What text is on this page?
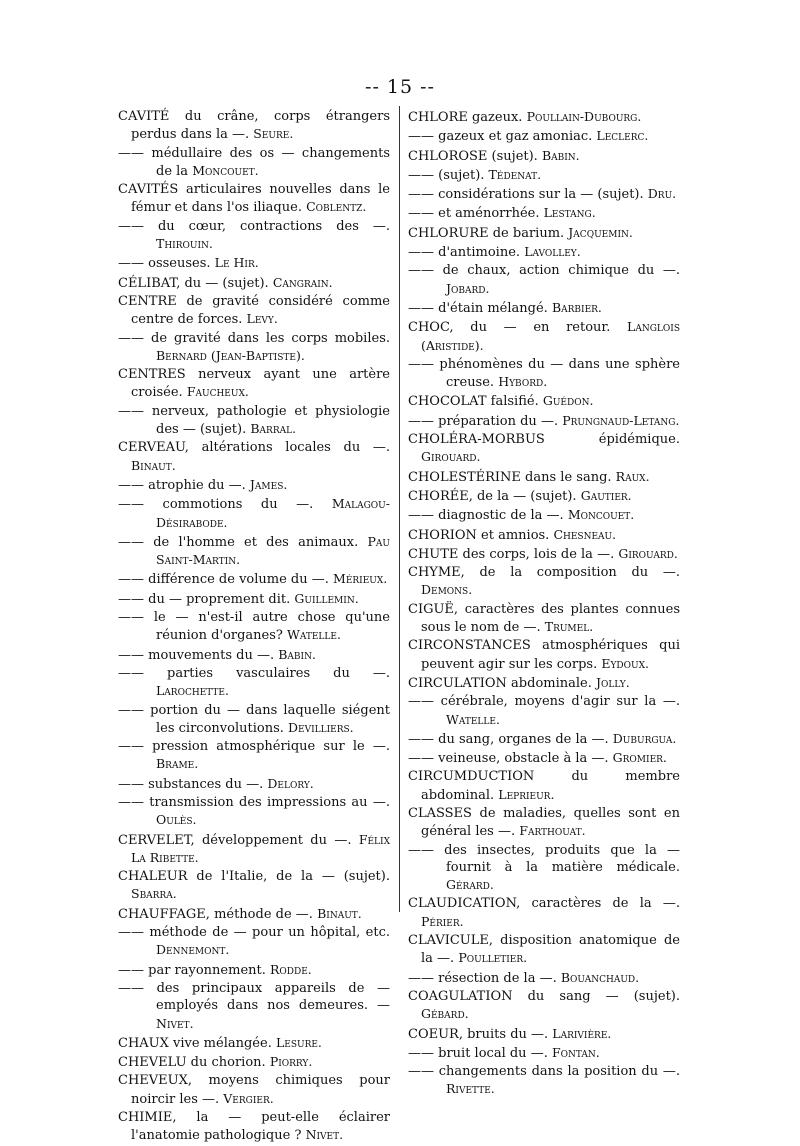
-- 15 --

CAVITÉ du crâne, corps étrangers perdus dans la —. Seure.

—— médullaire des os — changements de la Moncouet.

CAVITÉS articulaires nouvelles dans le fémur et dans l'os iliaque. Coblentz.

—— du cœur, contractions des —. Thirouin.

—— osseuses. Le Hir.

CÉLIBAT, du — (sujet). Cangrain.

CENTRE de gravité considéré comme centre de forces. Levy.

—— de gravité dans les corps mobiles. Bernard (Jean-Baptiste).

CENTRES nerveux ayant une artère croisée. Faucheux.

—— nerveux, pathologie et physiologie des — (sujet). Barral.

CERVEAU, altérations locales du —. Binaut.

—— atrophie du —. James.

—— commotions du —. Malagou-Désirabode.

—— de l'homme et des animaux. Pau Saint-Martin.

—— différence de volume du —. Mérieux.

—— du — proprement dit. Guillemin.

—— le — n'est-il autre chose qu'une réunion d'organes? Watelle.

—— mouvements du —. Babin.

—— parties vasculaires du —. Larochette.

—— portion du — dans laquelle siégent les circonvolutions. Devilliers.

—— pression atmosphérique sur le —. Brame.

—— substances du —. Delory.

—— transmission des impressions au —. Oulès.

CERVELET, développement du —. Félix La Ribette.

CHALEUR de l'Italie, de la — (sujet). Sbarra.

CHAUFFAGE, méthode de —. Binaut.

—— méthode de — pour un hôpital, etc. Dennemont.

—— par rayonnement. Rodde.

—— des principaux appareils de — employés dans nos demeures. — Nivet.

CHAUX vive mélangée. Lesure.

CHEVELU du chorion. Piorry.

CHEVEUX, moyens chimiques pour noircir les —. Vergier.

CHIMIE, la — peut-elle éclairer l'anatomie pathologique ? Nivet.

CHLORE gazeux. Poullain-Dubourg.

—— gazeux et gaz amoniac. Leclerc.

CHLOROSE (sujet). Babin.

—— (sujet). Tédenat.

—— considérations sur la — (sujet). Dru.

—— et aménorrhée. Lestang.

CHLORURE de barium. Jacquemin.

—— d'antimoine. Lavolley.

—— de chaux, action chimique du —. Jobard.

—— d'étain mélangé. Barbier.

CHOC, du — en retour. Langlois (Aristide).

—— phénomènes du — dans une sphère creuse. Hybord.

CHOCOLAT falsifié. Guédon.

—— préparation du —. Prungnaud-Letang.

CHOLÉRA-MORBUS épidémique. Girouard.

CHOLESTÉRINE dans le sang. Raux.

CHORÉE, de la — (sujet). Gautier.

—— diagnostic de la —. Moncouet.

CHORION et amnios. Chesneau.

CHUTE des corps, lois de la —. Girouard.

CHYME, de la composition du —. Demons.

CIGUË, caractères des plantes connues sous le nom de —. Trumel.

CIRCONSTANCES atmosphériques qui peuvent agir sur les corps. Eydoux.

CIRCULATION abdominale. Jolly.

—— cérébrale, moyens d'agir sur la —. Watelle.

—— du sang, organes de la —. Duburgua.

—— veineuse, obstacle à la —. Gromier.

CIRCUMDUCTION du membre abdominal. Leprieur.

CLASSES de maladies, quelles sont en général les —. Farthouat.

—— des insectes, produits que la — fournit à la matière médicale. Gérard.

CLAUDICATION, caractères de la —. Périer.

CLAVICULE, disposition anatomique de la —. Poulletier.

—— résection de la —. Bouanchaud.

COAGULATION du sang — (sujet). Gébard.

COEUR, bruits du —. Larivière.

—— bruit local du —. Fontan.

—— changements dans la position du —. Rivette.
